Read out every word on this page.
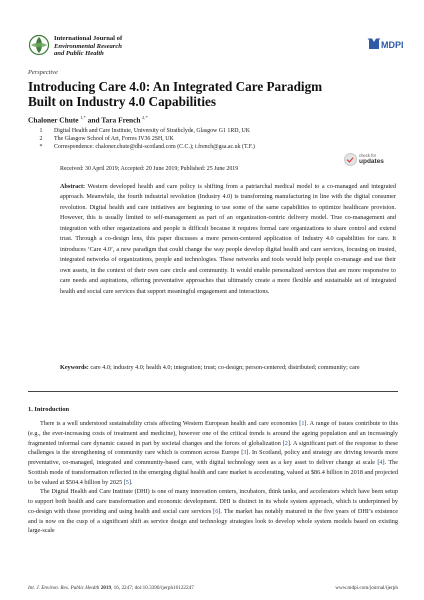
International Journal of
Environmental Research
and Public Health
MDPI
Perspective
Introducing Care 4.0: An Integrated Care Paradigm Built on Industry 4.0 Capabilities
Chaloner Chute $^{1,*}$ and Tara French $^{2,*}$
1	Digital Health and Care Institute, University of Strathclyde, Glasgow G1 1RD, UK
2	The Glasgow School of Art, Forres IV36 2SH, UK
*	Correspondence: chaloner.chute@dhi-scotland.com (C.C.); t.french@gsa.ac.uk (T.F.)
check for
updates
Received: 30 April 2019; Accepted: 20 June 2019; Published: 25 June 2019
Abstract: Western developed health and care policy is shifting from a patriarchal medical model to a co-managed and integrated approach. Meanwhile, the fourth industrial revolution (Industry 4.0) is transforming manufacturing in line with the digital consumer revolution. Digital health and care initiatives are beginning to use some of the same capabilities to optimize healthcare provision. However, this is usually limited to self-management as part of an organization-centric delivery model. True co-management and integration with other organizations and people is difficult because it requires formal care organizations to share control and extend trust. Through a co-design lens, this paper discusses a more person-centered application of Industry 4.0 capabilities for care. It introduces ‘Care 4.0’, a new paradigm that could change the way people develop digital health and care services, focusing on trusted, integrated networks of organizations, people and technologies. These networks and tools would help people co-manage and use their own assets, in the context of their own care circle and community. It would enable personalized services that are more responsive to care needs and aspirations, offering preventative approaches that ultimately create a more flexible and sustainable set of integrated health and social care services that support meaningful engagement and interactions.
Keywords: care 4.0; industry 4.0; health 4.0; integration; trust; co-design; person-centered; distributed; community; care
1. Introduction

There is a well understood sustainability crisis affecting Western European health and care economies [1]. A range of issues contribute to this (e.g., the ever-increasing costs of treatment and medicine), however one of the critical trends is around the ageing population and an increasingly fragmented informal care dynamic caused in part by societal changes and the forces of globalization [2]. A significant part of the response to these challenges is the strengthening of community care which is common across Europe [3]. In Scotland, policy and strategy are driving towards more preventative, co-managed, integrated and community-based care, with digital technology seen as a key asset to deliver change at scale [4]. The Scottish mode of transformation reflected in the emerging digital health and care market is accelerating, valued at $86.4 billion in 2018 and projected to be valued at $504.4 billion by 2025 [5].

The Digital Health and Care Institute (DHI) is one of many innovation centers, incubators, think tanks, and accelerators which have been setup to support both health and care transformation and economic development. DHI is distinct in its whole system approach, which is underpinned by co-design with those providing and using health and social care services [6]. The market has notably matured in the five years of DHI’s existence and is now on the cusp of a significant shift as service design and technology strategies look to develop whole system models based on existing large-scale

Int. J. Environ. Res. Public Health 2019, 16, 2247; doi:10.3390/ijerph16122247	www.mdpi.com/journal/ijerph
